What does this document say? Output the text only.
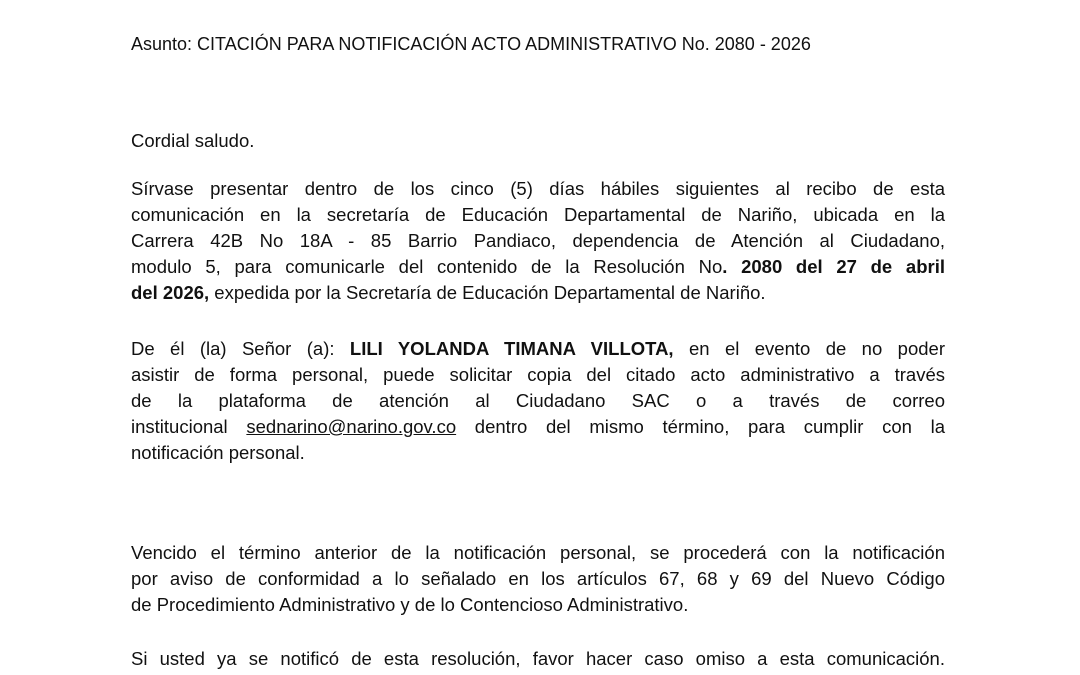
Asunto: CITACIÓN PARA NOTIFICACIÓN ACTO ADMINISTRATIVO No. 2080 - 2026
Cordial saludo.
Sírvase presentar dentro de los cinco (5) días hábiles siguientes al recibo de esta
comunicación en la secretaría de Educación Departamental de Nariño, ubicada en la
Carrera 42B No 18A - 85 Barrio Pandiaco, dependencia de Atención al Ciudadano,
modulo 5, para comunicarle del contenido de la Resolución No. 2080 del 27 de abril
del 2026, expedida por la Secretaría de Educación Departamental de Nariño.
De él (la) Señor (a): LILI YOLANDA TIMANA VILLOTA, en el evento de no poder
asistir de forma personal, puede solicitar copia del citado acto administrativo a través
de la plataforma de atención al Ciudadano SAC o a través de correo
institucional sednarino@narino.gov.co dentro del mismo término, para cumplir con la
notificación personal.
Vencido el término anterior de la notificación personal, se procederá con la notificación
por aviso de conformidad a lo señalado en los artículos 67, 68 y 69 del Nuevo Código
de Procedimiento Administrativo y de lo Contencioso Administrativo.
Si usted ya se notificó de esta resolución, favor hacer caso omiso a esta comunicación.
